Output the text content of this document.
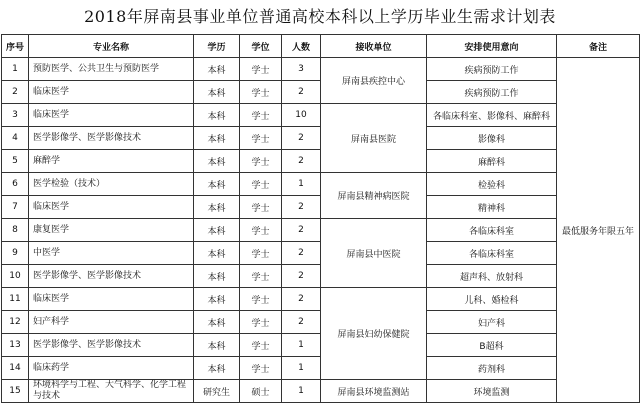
2018年屏南县事业单位普通高校本科以上学历毕业生需求计划表
序号	专业名称	学历	学位	人数	接收单位	安排使用意向	备注
1	预防医学、公共卫生与预防医学	本科	学士	3	屏南县疾控中心	疾病预防工作	最低服务年限五年
2	临床医学	本科	学士	2		疾病预防工作	
3	临床医学	本科	学士	10	屏南县医院	各临床科室、影像科、麻醉科	
4	医学影像学、医学影像技术	本科	学士	2		影像科	
5	麻醉学	本科	学士	2		麻醉科	
6	医学检验（技术）	本科	学士	1	屏南县精神病医院	检验科	
7	临床医学	本科	学士	2		精神科	
8	康复医学	本科	学士	2	屏南县中医院	各临床科室	
9	中医学	本科	学士	2		各临床科室	
10	医学影像学、医学影像技术	本科	学士	2		超声科、放射科	
11	临床医学	本科	学士	2	屏南县妇幼保健院	儿科、婚检科	
12	妇产科学	本科	学士	2		妇产科	
13	医学影像学、医学影像技术	本科	学士	1		B超科	
14	临床药学	本科	学士	1		药剂科	
15	环境科学与工程、大气科学、化学工程与技术	研究生	硕士	1	屏南县环境监测站	环境监测	
